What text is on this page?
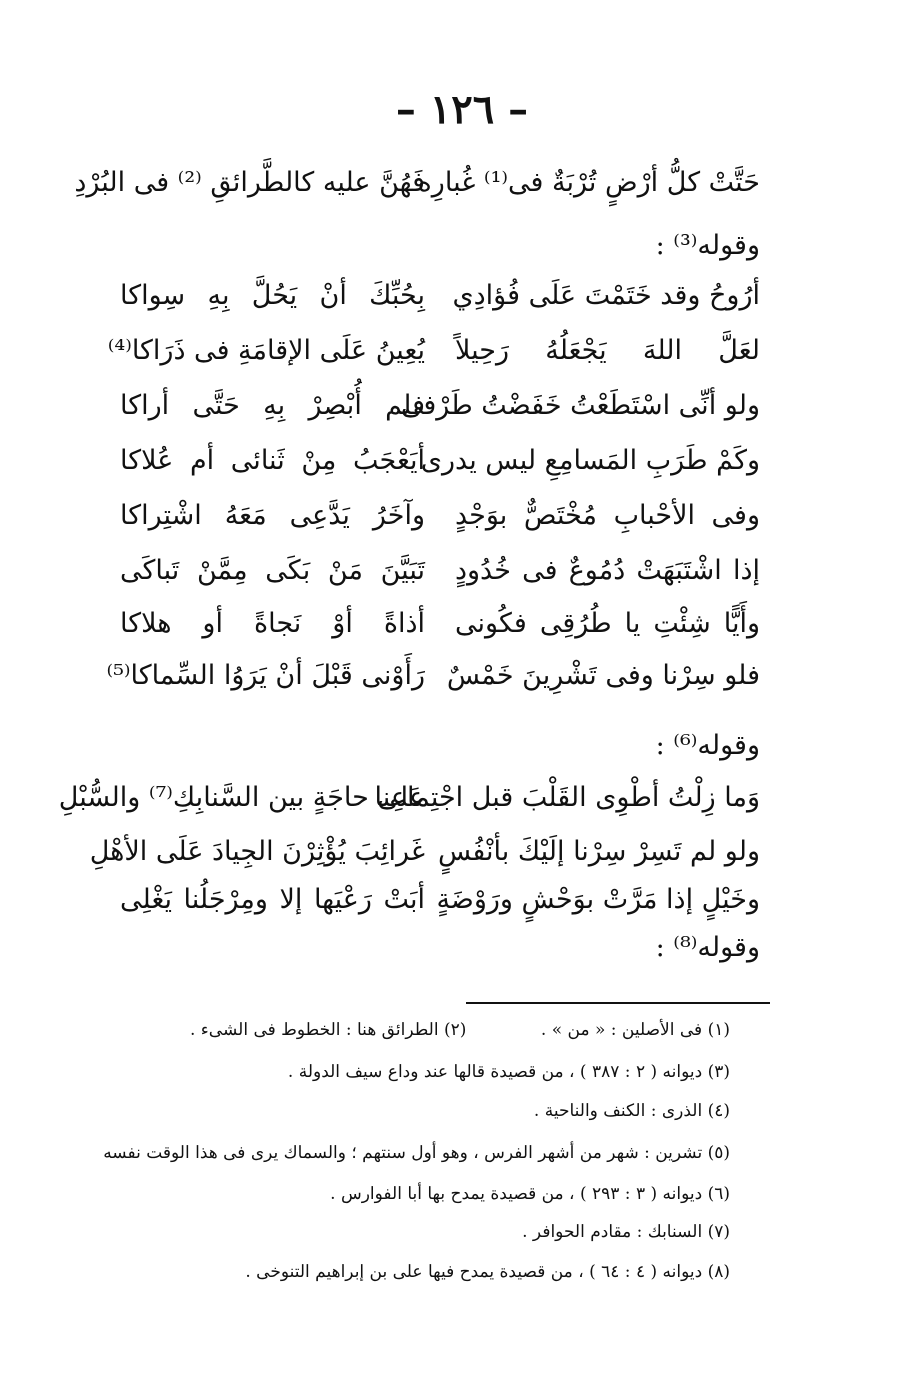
– ١٢٦ –
حَتَّتْ كلُّ أرْضٍ تُرْبَةٌ فى⁽¹⁾ غُبارِه
فَهُنَّ عليه كالطَّرائقِ ⁽²⁾ فى البُرْدِ
وقوله⁽³⁾ :
أرُوحُ وقد خَتَمْتَ عَلَى فُؤادِي
بِحُبِّكَ أنْ يَحُلَّ بِهِ سِواكا
لعَلَّ اللهَ يَجْعَلُهُ رَحِيلاً
يُعِينُ عَلَى الإقامَةِ فى ذَرَاكا⁽⁴⁾
ولو أنِّى اسْتَطَعْتُ خَفَضْتُ طَرْفى
فلم أُبْصِرْ بِهِ حَتَّى أراكا
وكَمْ طَرَبِ المَسامِعِ ليس يدرى
أيَعْجَبُ مِنْ ثَنائى أم عُلاكا
وفى الأحْبابِ مُخْتَصٌّ بوَجْدٍ
وآخَرُ يَدَّعِى مَعَهُ اشْتِراكا
إذا اشْتَبَهَتْ دُمُوعٌ فى خُدُودٍ
تَبَيَّنَ مَنْ بَكَى مِمَّنْ تَباكَى
وأَيًّا شِئْتِ يا طُرُقِى فكُونى
أذاةً أوْ نَجاةً أو هلاكا
فلو سِرْنا وفى تَشْرِينَ خَمْسٌ
رَأَوْنى قَبْلَ أنْ يَرَوُا السِّماكا⁽⁵⁾
وقوله⁽⁶⁾ :
وَما زِلْتُ أطْوِى القَلْبَ قبل اجْتِماعِنا
عَلى حاجَةٍ بين السَّنابِكِ⁽⁷⁾ والسُّبْلِ
ولو لم تَسِرْ سِرْنا إلَيْكَ بأنْفُسٍ
غَرائِبَ يُؤْثِرْنَ الجِيادَ عَلَى الأهْلِ
وخَيْلٍ إذا مَرَّتْ بوَحْشٍ ورَوْضَةٍ
أبَتْ رَعْيَها إلا ومِرْجَلُنا يَغْلِى
وقوله⁽⁸⁾ :
(١) فى الأصلين : « من » .
(٢) الطرائق هنا : الخطوط فى الشىء .
(٣) ديوانه ( ٢ : ٣٨٧ ) ، من قصيدة قالها عند وداع سيف الدولة .
(٤) الذرى : الكنف والناحية .
(٥) تشرين : شهر من أشهر الفرس ، وهو أول سنتهم ؛ والسماك يرى فى هذا الوقت نفسه
(٦) ديوانه ( ٣ : ٢٩٣ ) ، من قصيدة يمدح بها أبا الفوارس .
(٧) السنابك : مقادم الحوافر .
(٨) ديوانه ( ٤ : ٦٤ ) ، من قصيدة يمدح فيها على بن إبراهيم التنوخى .
